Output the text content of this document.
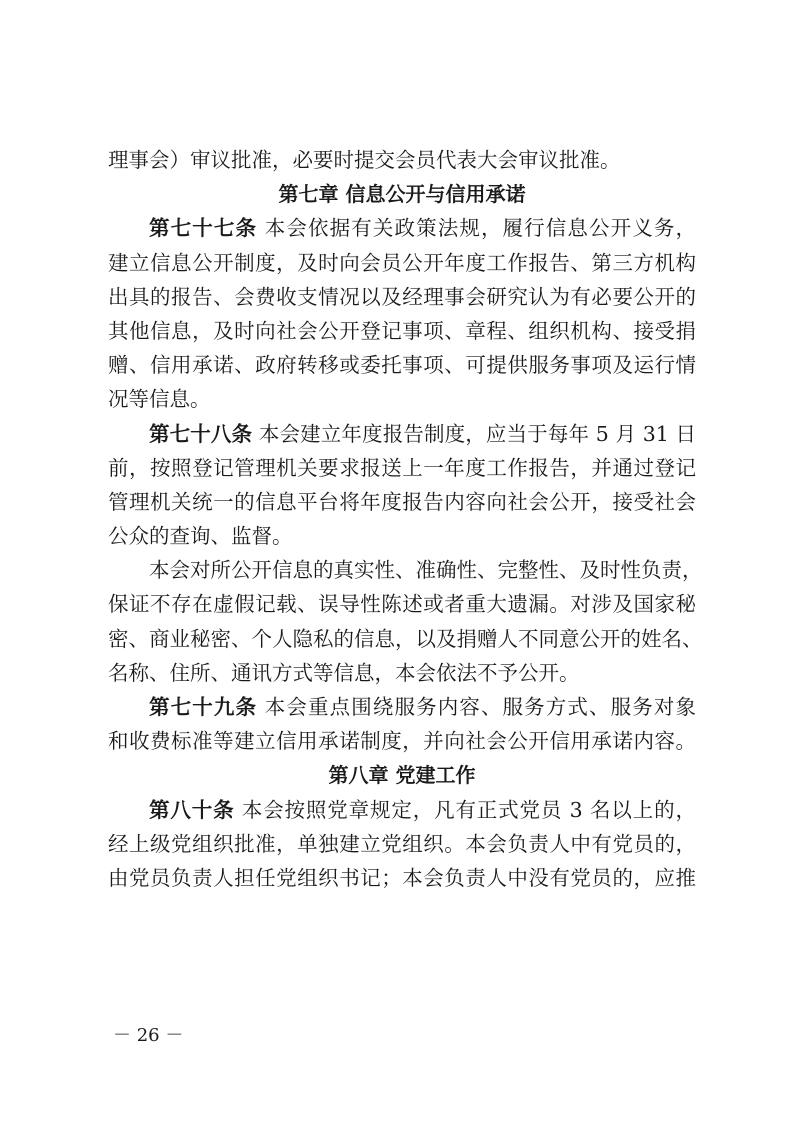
理事会）审议批准，必要时提交会员代表大会审议批准。
第七章 信息公开与信用承诺
第七十七条 本会依据有关政策法规，履行信息公开义务，
建立信息公开制度，及时向会员公开年度工作报告、第三方机构
出具的报告、会费收支情况以及经理事会研究认为有必要公开的
其他信息，及时向社会公开登记事项、章程、组织机构、接受捐
赠、信用承诺、政府转移或委托事项、可提供服务事项及运行情
况等信息。
第七十八条 本会建立年度报告制度，应当于每年 5 月 31 日
前，按照登记管理机关要求报送上一年度工作报告，并通过登记
管理机关统一的信息平台将年度报告内容向社会公开，接受社会
公众的查询、监督。
本会对所公开信息的真实性、准确性、完整性、及时性负责，
保证不存在虚假记载、误导性陈述或者重大遗漏。对涉及国家秘
密、商业秘密、个人隐私的信息，以及捐赠人不同意公开的姓名、
名称、住所、通讯方式等信息，本会依法不予公开。
第七十九条 本会重点围绕服务内容、服务方式、服务对象
和收费标准等建立信用承诺制度，并向社会公开信用承诺内容。
第八章 党建工作
第八十条 本会按照党章规定，凡有正式党员 3 名以上的，
经上级党组织批准，单独建立党组织。本会负责人中有党员的，
由党员负责人担任党组织书记；本会负责人中没有党员的，应推
－ 26 －
